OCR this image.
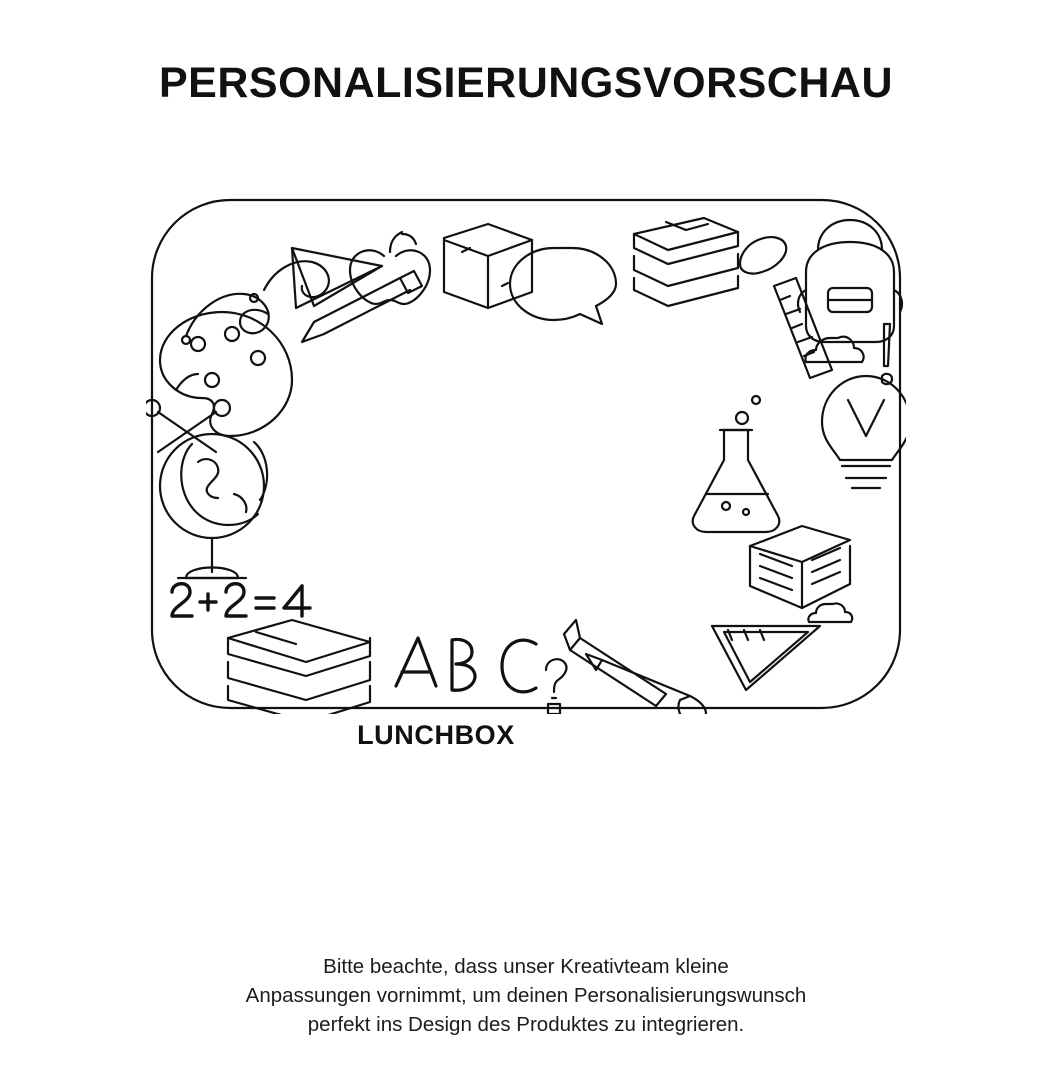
PERSONALISIERUNGSVORSCHAU
LUNCHBOX
Bitte beachte, dass unser Kreativteam kleine
Anpassungen vornimmt, um deinen Personalisierungswunsch
perfekt ins Design des Produktes zu integrieren.
